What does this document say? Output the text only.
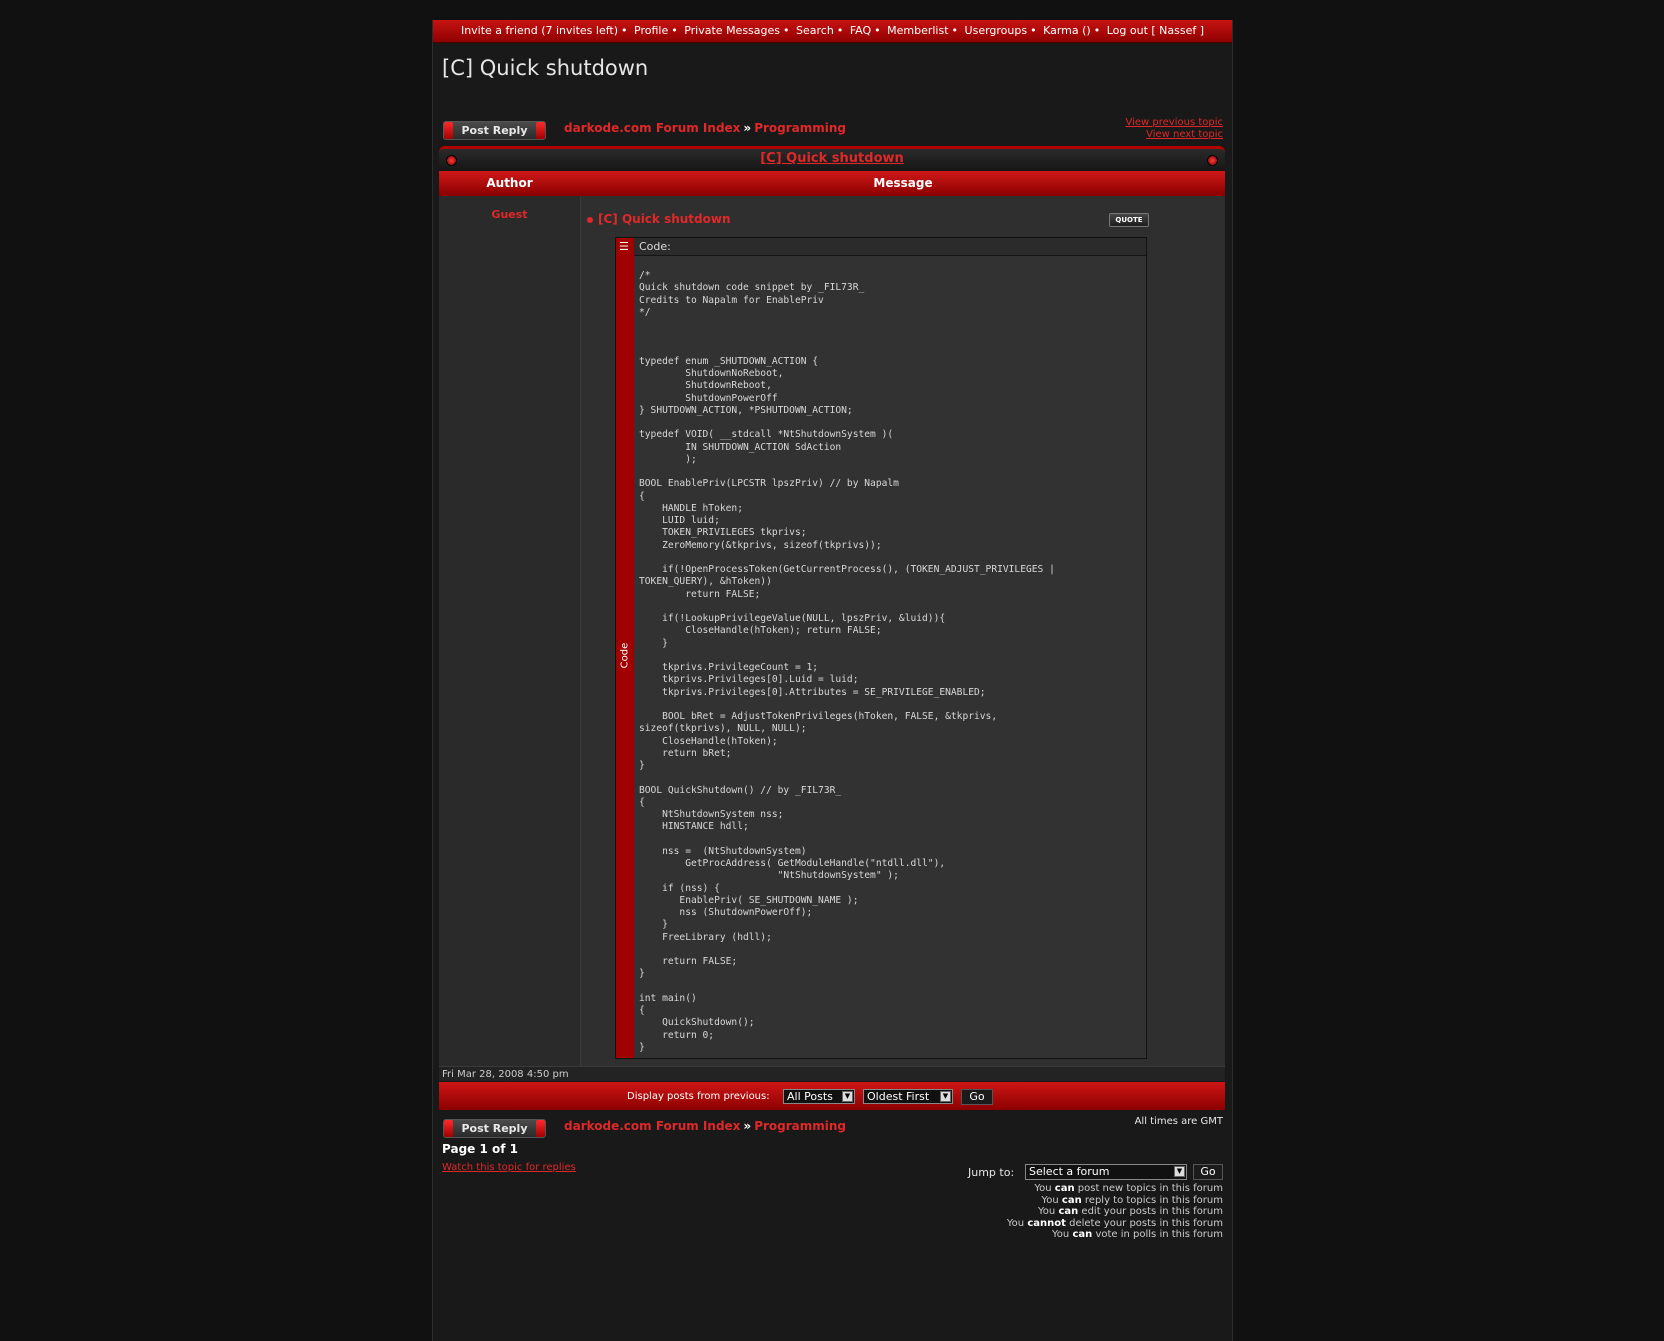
Invite a friend (7 invites left) • Profile • Private Messages • Search • FAQ • Memberlist • Usergroups • Karma () • Log out [ Nassef ]
[C] Quick shutdown
Post Reply	darkode.com Forum Index » Programming	View previous topic
View next topic
[C] Quick shutdown
Author	Message
Guest	[C] Quick shutdown	QUOTE
☰
Code
Code:
/*
Quick shutdown code snippet by _FIL73R_
Credits to Napalm for EnablePriv
*/

typedef enum _SHUTDOWN_ACTION {
ShutdownNoReboot,
ShutdownReboot,
ShutdownPowerOff
} SHUTDOWN_ACTION, *PSHUTDOWN_ACTION;

typedef VOID( __stdcall *NtShutdownSystem )(
IN SHUTDOWN_ACTION SdAction
);

BOOL EnablePriv(LPCSTR lpszPriv) // by Napalm
{
HANDLE hToken;
LUID luid;
TOKEN_PRIVILEGES tkprivs;
ZeroMemory(&tkprivs, sizeof(tkprivs));

if(!OpenProcessToken(GetCurrentProcess(), (TOKEN_ADJUST_PRIVILEGES |
TOKEN_QUERY), &hToken))
return FALSE;

if(!LookupPrivilegeValue(NULL, lpszPriv, &luid)){
CloseHandle(hToken); return FALSE;
}

tkprivs.PrivilegeCount = 1;
tkprivs.Privileges[0].Luid = luid;
tkprivs.Privileges[0].Attributes = SE_PRIVILEGE_ENABLED;

BOOL bRet = AdjustTokenPrivileges(hToken, FALSE, &tkprivs,
sizeof(tkprivs), NULL, NULL);
CloseHandle(hToken);
return bRet;
}

BOOL QuickShutdown() // by _FIL73R_
{
NtShutdownSystem nss;
HINSTANCE hdll;

nss =  (NtShutdownSystem)
GetProcAddress( GetModuleHandle("ntdll.dll"),
"NtShutdownSystem" );
if (nss) {
EnablePriv( SE_SHUTDOWN_NAME );
nss (ShutdownPowerOff);
}
FreeLibrary (hdll);

return FALSE;
}

int main()
{
QuickShutdown();
return 0;
}
Fri Mar 28, 2008 4:50 pm
Display posts from previous:	All Posts	▼	Oldest First	▼	Go
Post Reply	darkode.com Forum Index » Programming	All times are GMT
Page 1 of 1
Watch this topic for replies	Jump to:	Select a forum	▼	Go
You can post new topics in this forum
You can reply to topics in this forum
You can edit your posts in this forum
You cannot delete your posts in this forum
You can vote in polls in this forum
